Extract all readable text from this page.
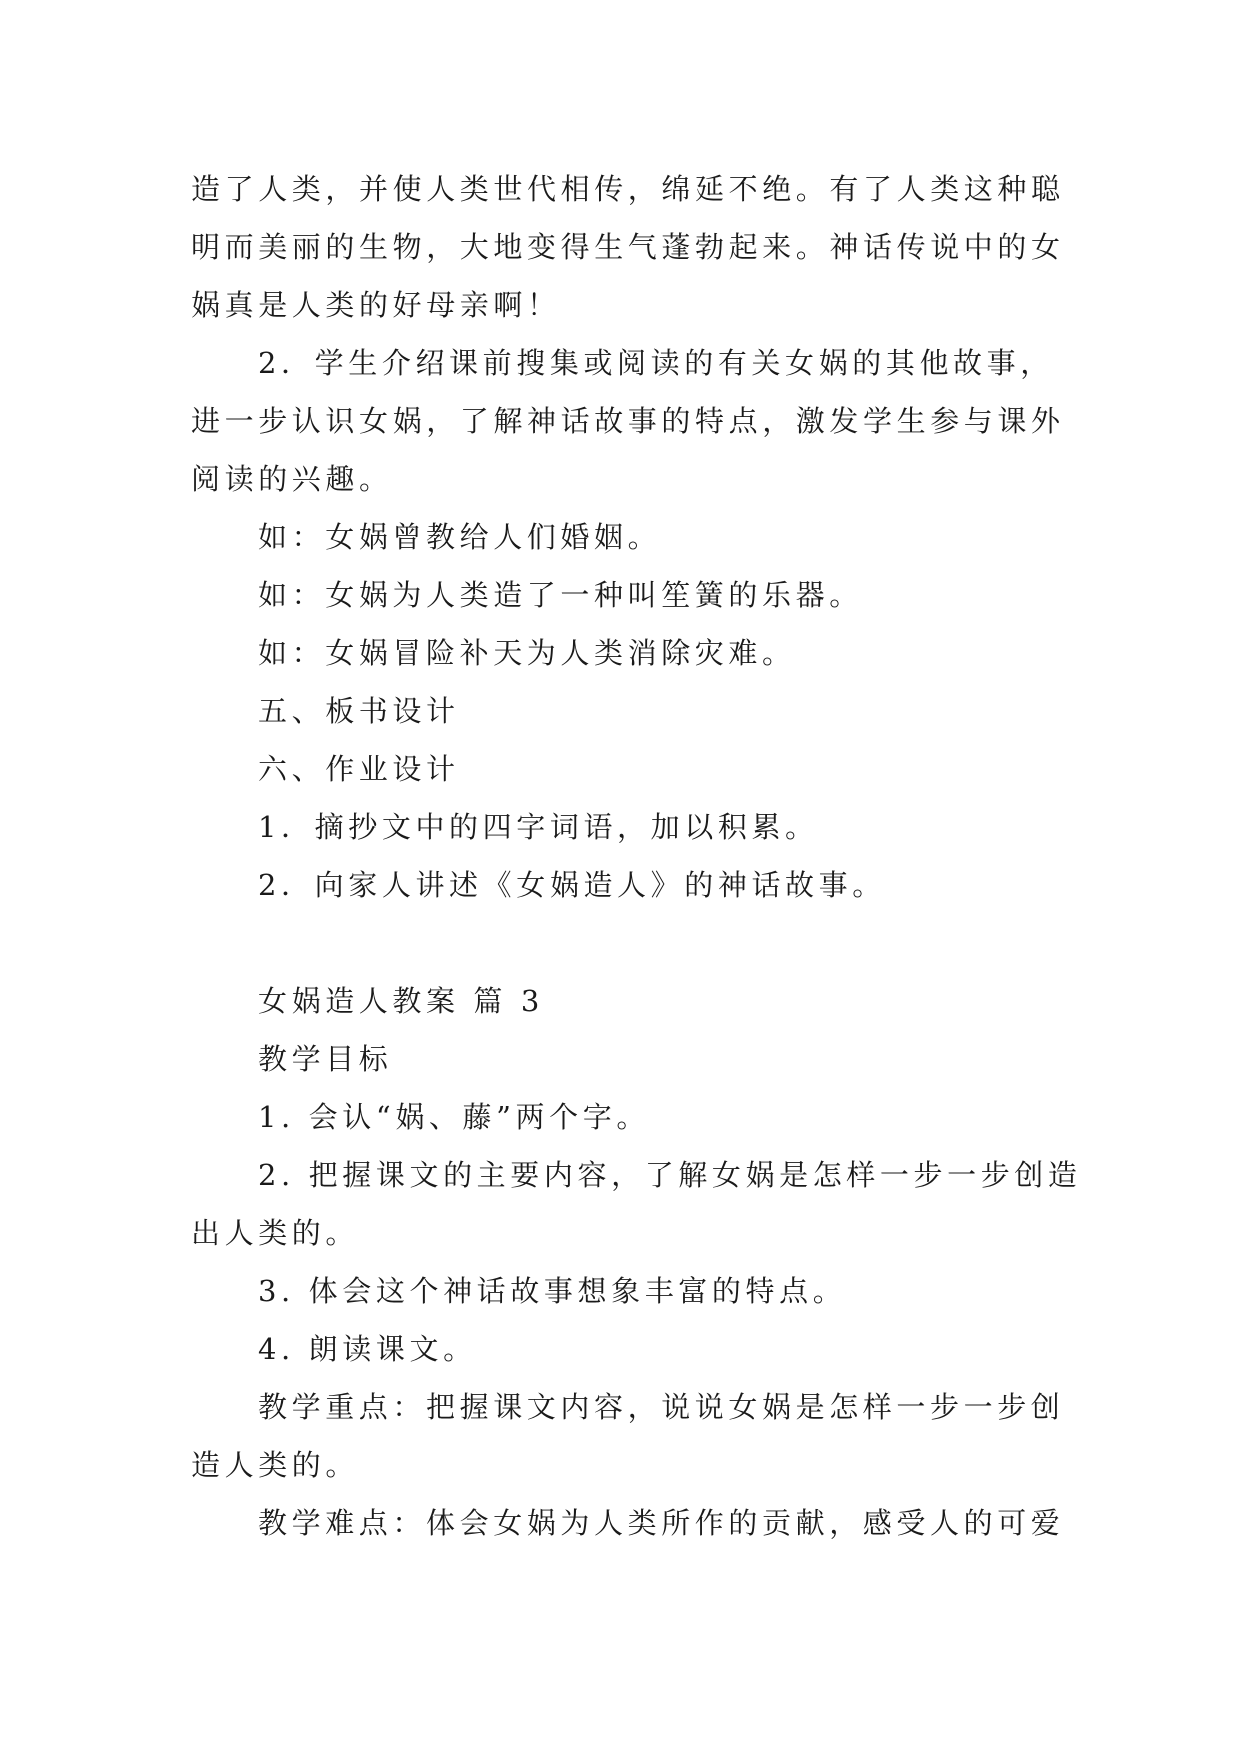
造了人类，并使人类世代相传，绵延不绝。有了人类这种聪
明而美丽的生物，大地变得生气蓬勃起来。神话传说中的女
娲真是人类的好母亲啊！
2．学生介绍课前搜集或阅读的有关女娲的其他故事，
进一步认识女娲，了解神话故事的特点，激发学生参与课外
阅读的兴趣。
如：女娲曾教给人们婚姻。
如：女娲为人类造了一种叫笙簧的乐器。
如：女娲冒险补天为人类消除灾难。
五、板书设计
六、作业设计
1．摘抄文中的四字词语，加以积累。
2．向家人讲述《女娲造人》的神话故事。
女娲造人教案 篇 3
教学目标
1. 会认“娲、藤”两个字。
2. 把握课文的主要内容，了解女娲是怎样一步一步创造
出人类的。
3. 体会这个神话故事想象丰富的特点。
4. 朗读课文。
教学重点：把握课文内容，说说女娲是怎样一步一步创
造人类的。
教学难点：体会女娲为人类所作的贡献，感受人的可爱
